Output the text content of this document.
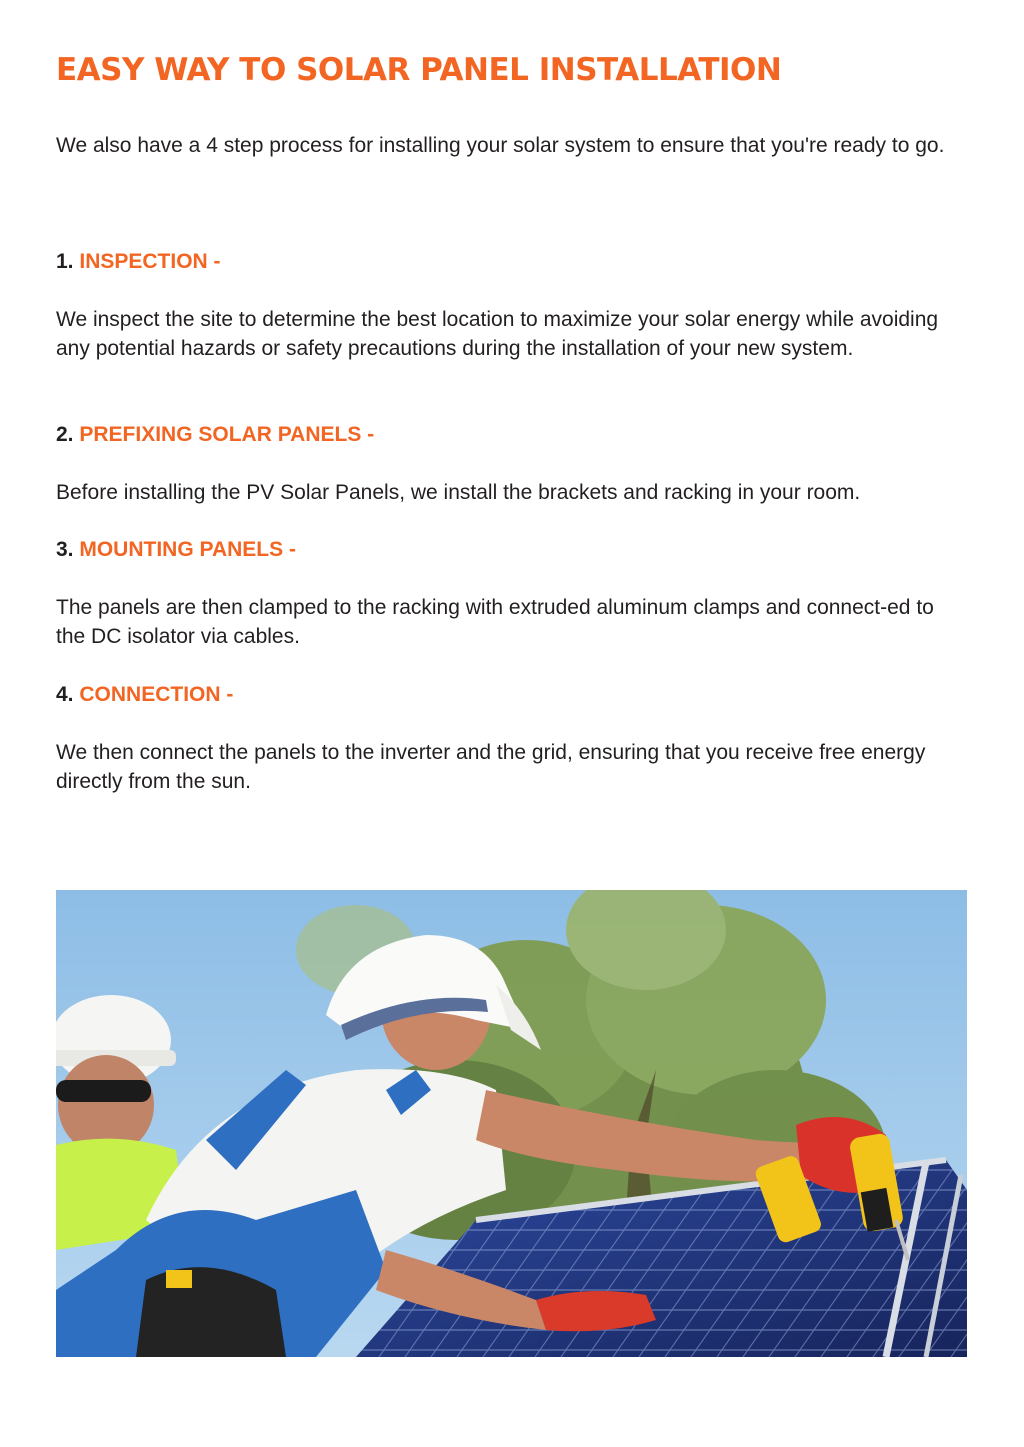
EASY WAY TO SOLAR PANEL INSTALLATION

We also have a 4 step process for installing your solar system to ensure that you're ready to go.

1. INSPECTION -

We inspect the site to determine the best location to maximize your solar energy while avoiding any potential hazards or safety precautions during the installation of your new system.

2. PREFIXING SOLAR PANELS -

Before installing the PV Solar Panels, we install the brackets and racking in your room.

3. MOUNTING PANELS -

The panels are then clamped to the racking with extruded aluminum clamps and connect-ed to the DC isolator via cables.

4. CONNECTION -

We then connect the panels to the inverter and the grid, ensuring that you receive free energy directly from the sun.
